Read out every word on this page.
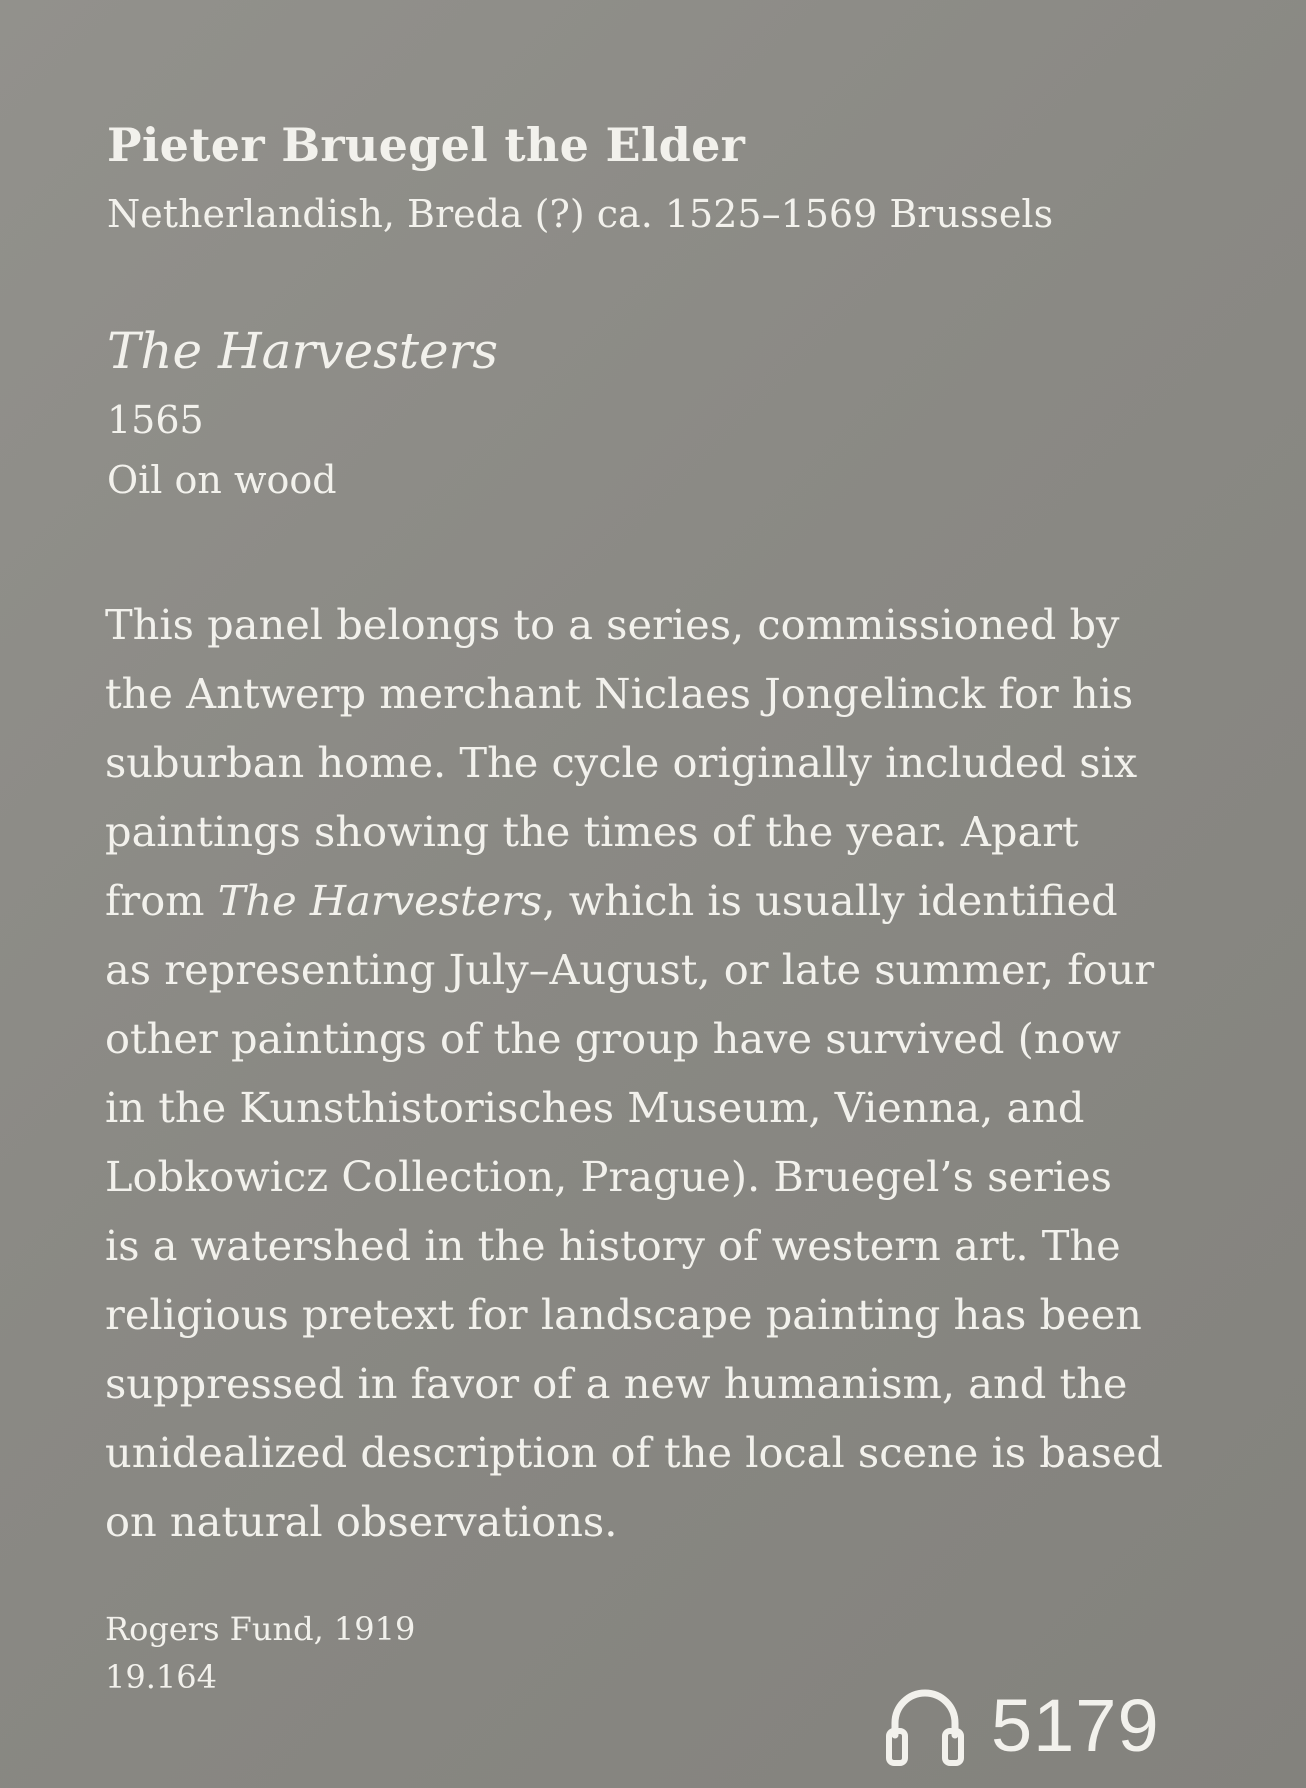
Pieter Bruegel the Elder
Netherlandish, Breda (?) ca. 1525–1569 Brussels
The Harvesters
1565
Oil on wood
This panel belongs to a series, commissioned by
the Antwerp merchant Niclaes Jongelinck for his
suburban home. The cycle originally included six
paintings showing the times of the year. Apart
from The Harvesters, which is usually identified
as representing July–August, or late summer, four
other paintings of the group have survived (now
in the Kunsthistorisches Museum, Vienna, and
Lobkowicz Collection, Prague). Bruegel’s series
is a watershed in the history of western art. The
religious pretext for landscape painting has been
suppressed in favor of a new humanism, and the
unidealized description of the local scene is based
on natural observations.
Rogers Fund, 1919
19.164
5179
